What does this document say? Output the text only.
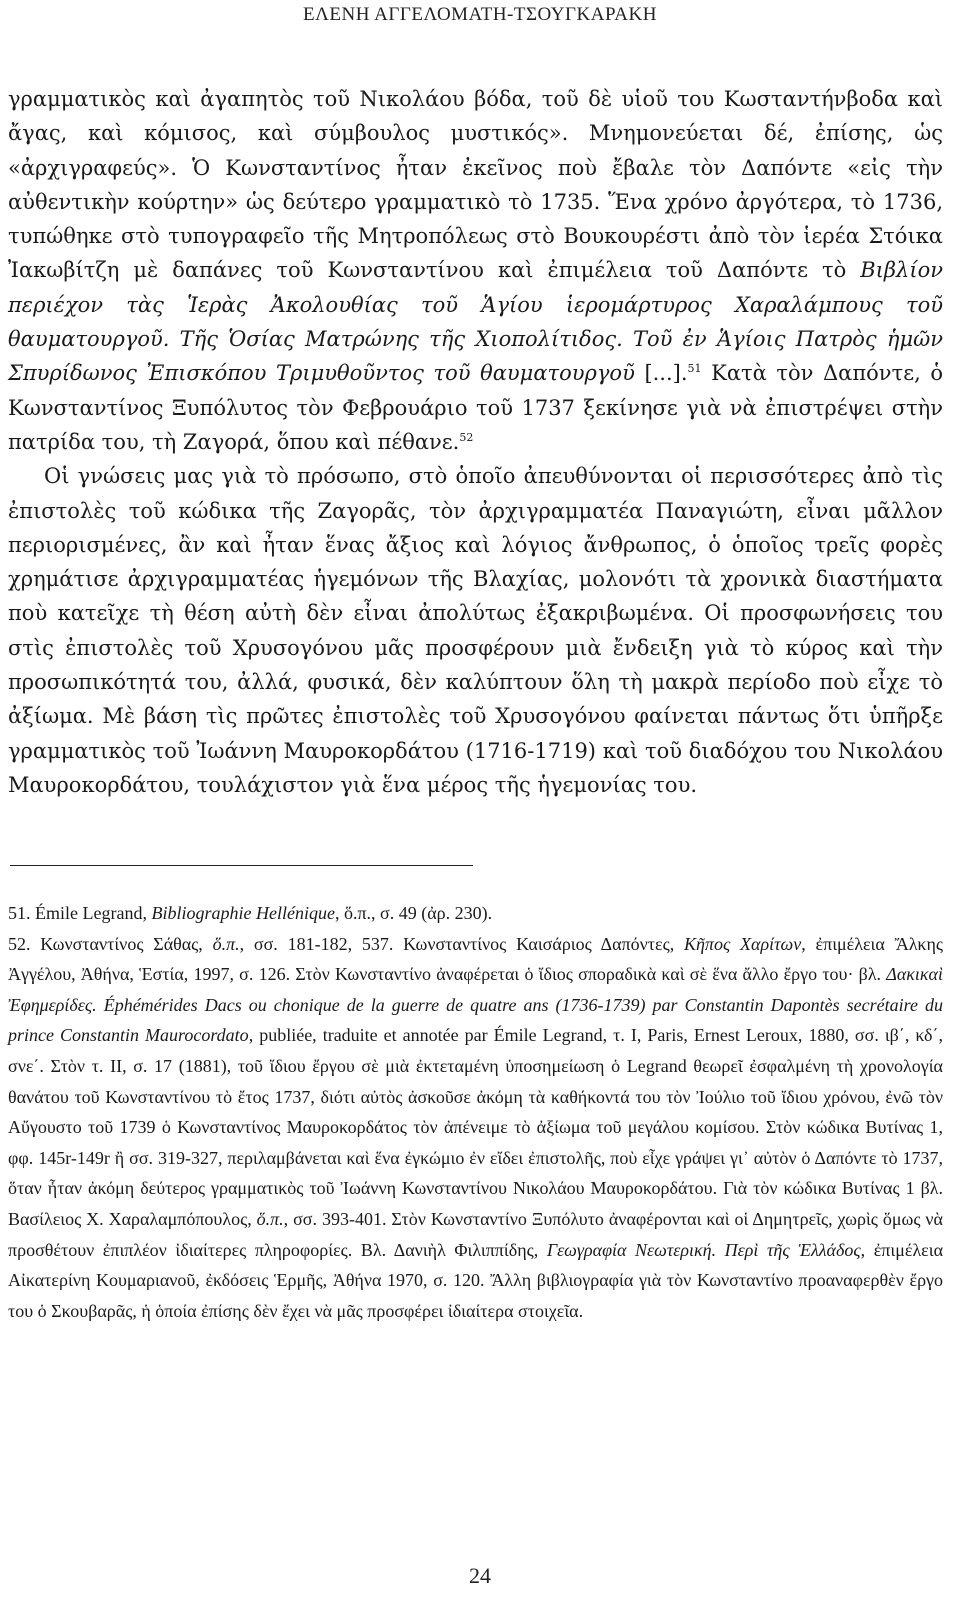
ΕΛΕΝΗ ΑΓΓΕΛΟΜΑΤΗ-ΤΣΟΥΓΚΑΡΑΚΗ

γραμματικὸς καὶ ἀγαπητὸς τοῦ Νικολάου βόδα, τοῦ δὲ υἱοῦ του Κωσταντήνβοδα καὶ ἄγας, καὶ κόμισος, καὶ σύμβουλος μυστικός». Μνημονεύεται δέ, ἐπίσης, ὡς «ἀρχιγραφεύς». Ὁ Κωνσταντίνος ἦταν ἐκεῖνος ποὺ ἔβαλε τὸν Δαπόντε «εἰς τὴν αὐθεντικὴν κούρτην» ὡς δεύτερο γραμματικὸ τὸ 1735. Ἕνα χρόνο ἀργότερα, τὸ 1736, τυπώθηκε στὸ τυπογραφεῖο τῆς Μητροπόλεως στὸ Βουκουρέστι ἀπὸ τὸν ἱερέα Στόικα Ἰακωβίτζη μὲ δαπάνες τοῦ Κωνσταντίνου καὶ ἐπιμέλεια τοῦ Δαπόντε τὸ Βιβλίον περιέχον τὰς Ἱερὰς Ἀκολουθίας τοῦ Ἁγίου ἱερομάρτυρος Χαραλάμπους τοῦ θαυματουργοῦ. Τῆς Ὁσίας Ματρώνης τῆς Χιοπολίτιδος. Τοῦ ἐν Ἁγίοις Πατρὸς ἡμῶν Σπυρίδωνος Ἐπισκόπου Τριμυθοῦντος τοῦ θαυματουργοῦ [...].$^{51}$ Κατὰ τὸν Δαπόντε, ὁ Κωνσταντίνος Ξυπόλυτος τὸν Φεβρουάριο τοῦ 1737 ξεκίνησε γιὰ νὰ ἐπιστρέψει στὴν πατρίδα του, τὴ Ζαγορά, ὅπου καὶ πέθανε.$^{52}$

Οἱ γνώσεις μας γιὰ τὸ πρόσωπο, στὸ ὁποῖο ἀπευθύνονται οἱ περισσότερες ἀπὸ τὶς ἐπιστολὲς τοῦ κώδικα τῆς Ζαγορᾶς, τὸν ἀρχιγραμματέα Παναγιώτη, εἶναι μᾶλλον περιορισμένες, ἂν καὶ ἦταν ἕνας ἄξιος καὶ λόγιος ἄνθρωπος, ὁ ὁποῖος τρεῖς φορὲς χρημάτισε ἀρχιγραμματέας ἡγεμόνων τῆς Βλαχίας, μολονότι τὰ χρονικὰ διαστήματα ποὺ κατεῖχε τὴ θέση αὐτὴ δὲν εἶναι ἀπολύτως ἐξακριβωμένα. Οἱ προσφωνήσεις του στὶς ἐπιστολὲς τοῦ Χρυσογόνου μᾶς προσφέρουν μιὰ ἔνδειξη γιὰ τὸ κύρος καὶ τὴν προσωπικότητά του, ἀλλά, φυσικά, δὲν καλύπτουν ὅλη τὴ μακρὰ περίοδο ποὺ εἶχε τὸ ἀξίωμα. Μὲ βάση τὶς πρῶτες ἐπιστολὲς τοῦ Χρυσογόνου φαίνεται πάντως ὅτι ὑπῆρξε γραμματικὸς τοῦ Ἰωάννη Μαυροκορδάτου (1716-1719) καὶ τοῦ διαδόχου του Νικολάου Μαυροκορδάτου, τουλάχιστον γιὰ ἕνα μέρος τῆς ἡγεμονίας του.

51. Émile Legrand, Bibliographie Hellénique, ὅ.π., σ. 49 (ἀρ. 230).

52. Κωνσταντίνος Σάθας, ὅ.π., σσ. 181-182, 537. Κωνσταντίνος Καισάριος Δαπόντες, Κῆπος Χαρίτων, ἐπιμέλεια Ἄλκης Ἀγγέλου, Ἀθήνα, Ἑστία, 1997, σ. 126. Στὸν Κωνσταντίνο ἀναφέρεται ὁ ἴδιος σποραδικὰ καὶ σὲ ἕνα ἄλλο ἔργο του· βλ. Δακικαὶ Ἐφημερίδες. Éphémérides Dacs ou chonique de la guerre de quatre ans (1736-1739) par Constantin Dapontès secrétaire du prince Constantin Maurocordato, publiée, traduite et annotée par Émile Legrand, τ. Ι, Paris, Ernest Leroux, 1880, σσ. ιβ΄, κδ΄, σνε΄. Στὸν τ. ΙΙ, σ. 17 (1881), τοῦ ἴδιου ἔργου σὲ μιὰ ἐκτεταμένη ὑποσημείωση ὁ Legrand θεωρεῖ ἐσφαλμένη τὴ χρονολογία θανάτου τοῦ Κωνσταντίνου τὸ ἔτος 1737, διότι αὐτὸς ἀσκοῦσε ἀκόμη τὰ καθήκοντά του τὸν Ἰούλιο τοῦ ἴδιου χρόνου, ἐνῶ τὸν Αὔγουστο τοῦ 1739 ὁ Κωνσταντίνος Μαυροκορδάτος τὸν ἀπένειμε τὸ ἀξίωμα τοῦ μεγάλου κομίσου. Στὸν κώδικα Βυτίνας 1, φφ. 145r-149r ἢ σσ. 319-327, περιλαμβάνεται καὶ ἕνα ἐγκώμιο ἐν εἴδει ἐπιστολῆς, ποὺ εἶχε γράψει γι᾽ αὐτὸν ὁ Δαπόντε τὸ 1737, ὅταν ἦταν ἀκόμη δεύτερος γραμματικὸς τοῦ Ἰωάννη Κωνσταντίνου Νικολάου Μαυροκορδάτου. Γιὰ τὸν κώδικα Βυτίνας 1 βλ. Βασίλειος Χ. Χαραλαμπόπουλος, ὅ.π., σσ. 393-401. Στὸν Κωνσταντίνο Ξυπόλυτο ἀναφέρονται καὶ οἱ Δημητρεῖς, χωρὶς ὅμως νὰ προσθέτουν ἐπιπλέον ἰδιαίτερες πληροφορίες. Βλ. Δανιὴλ Φιλιππίδης, Γεωγραφία Νεωτερική. Περὶ τῆς Ἑλλάδος, ἐπιμέλεια Αἰκατερίνη Κουμαριανοῦ, ἐκδόσεις Ἑρμῆς, Ἀθήνα 1970, σ. 120. Ἄλλη βιβλιογραφία γιὰ τὸν Κωνσταντίνο προαναφερθὲν ἔργο του ὁ Σκουβαρᾶς, ἡ ὁποία ἐπίσης δὲν ἔχει νὰ μᾶς προσφέρει ἰδιαίτερα στοιχεῖα.

24
